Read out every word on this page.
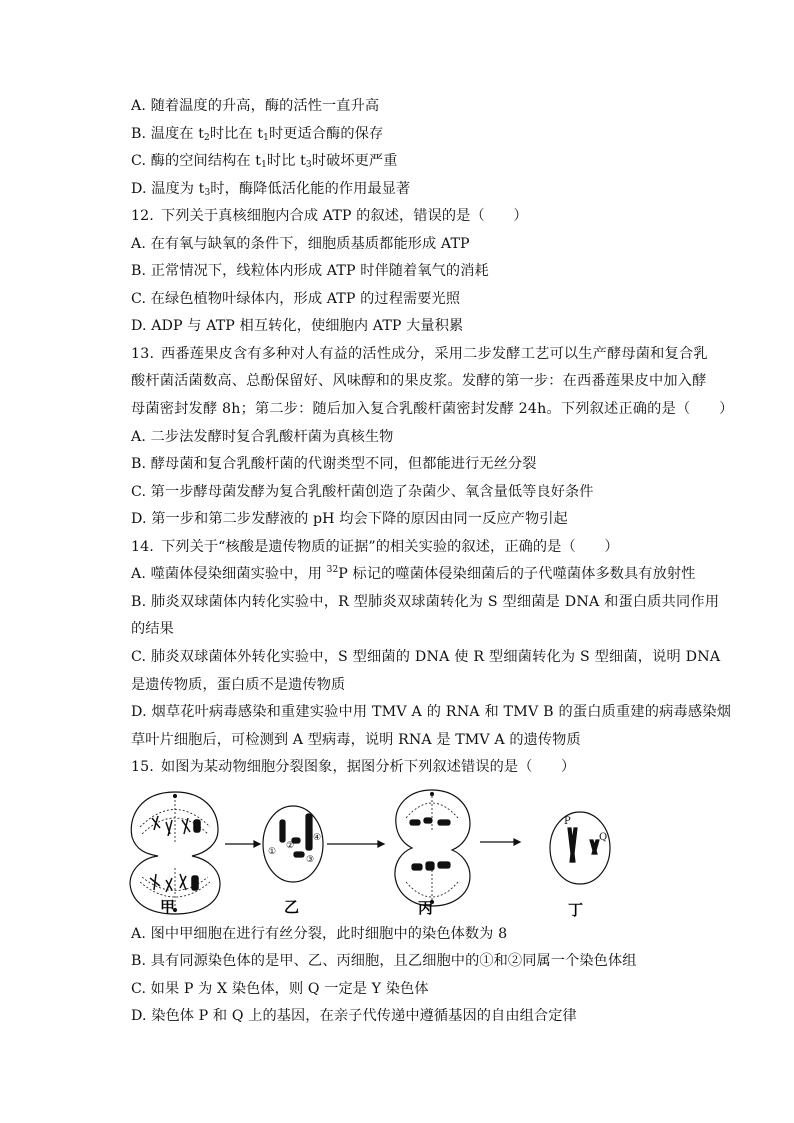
A. 随着温度的升高，酶的活性一直升高
B. 温度在 $t_2$时比在 $t_1$时更适合酶的保存
C. 酶的空间结构在 $t_1$时比 $t_3$时破坏更严重
D. 温度为 $t_3$时，酶降低活化能的作用最显著
12. 下列关于真核细胞内合成 ATP 的叙述，错误的是（　　）
A. 在有氧与缺氧的条件下，细胞质基质都能形成 ATP
B. 正常情况下，线粒体内形成 ATP 时伴随着氧气的消耗
C. 在绿色植物叶绿体内，形成 ATP 的过程需要光照
D. ADP 与 ATP 相互转化，使细胞内 ATP 大量积累
13. 西番莲果皮含有多种对人有益的活性成分，采用二步发酵工艺可以生产酵母菌和复合乳
酸杆菌活菌数高、总酚保留好、风味醇和的果皮浆。发酵的第一步：在西番莲果皮中加入酵
母菌密封发酵 8h；第二步：随后加入复合乳酸杆菌密封发酵 24h。下列叙述正确的是（　　）
A. 二步法发酵时复合乳酸杆菌为真核生物
B. 酵母菌和复合乳酸杆菌的代谢类型不同，但都能进行无丝分裂
C. 第一步酵母菌发酵为复合乳酸杆菌创造了杂菌少、氧含量低等良好条件
D. 第一步和第二步发酵液的 pH 均会下降的原因由同一反应产物引起
14. 下列关于“核酸是遗传物质的证据”的相关实验的叙述，正确的是（　　）
A. 噬菌体侵染细菌实验中，用 $^{32}$P 标记的噬菌体侵染细菌后的子代噬菌体多数具有放射性
B. 肺炎双球菌体内转化实验中，R 型肺炎双球菌转化为 S 型细菌是 DNA 和蛋白质共同作用
的结果
C. 肺炎双球菌体外转化实验中，S 型细菌的 DNA 使 R 型细菌转化为 S 型细菌，说明 DNA
是遗传物质，蛋白质不是遗传物质
D. 烟草花叶病毒感染和重建实验中用 TMV A 的 RNA 和 TMV B 的蛋白质重建的病毒感染烟
草叶片细胞后，可检测到 A 型病毒，说明 RNA 是 TMV A 的遗传物质
15. 如图为某动物细胞分裂图象，据图分析下列叙述错误的是（　　）
①
②
③
④
P
Q
甲	乙	丙	丁
A. 图中甲细胞在进行有丝分裂，此时细胞中的染色体数为 8
B. 具有同源染色体的是甲、乙、丙细胞，且乙细胞中的①和②同属一个染色体组
C. 如果 P 为 X 染色体，则 Q 一定是 Y 染色体
D. 染色体 P 和 Q 上的基因，在亲子代传递中遵循基因的自由组合定律
